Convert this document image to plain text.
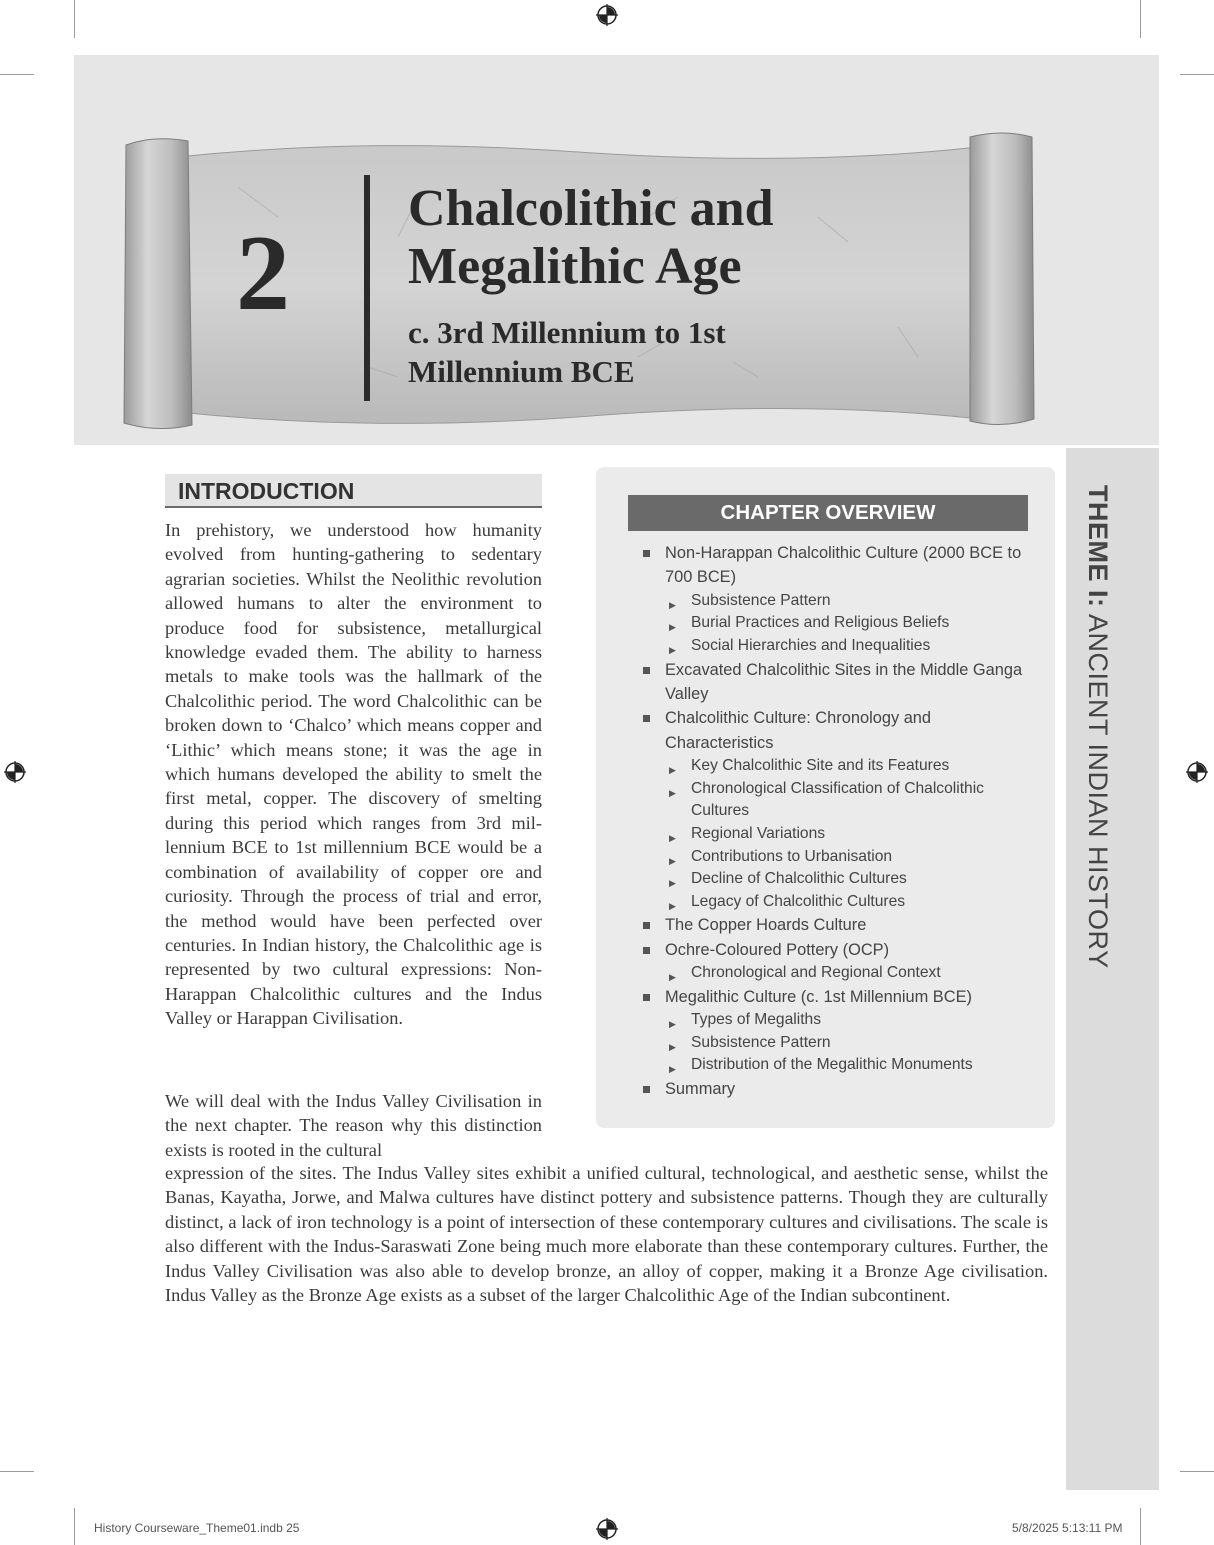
2
Chalcolithic and
Megalithic Age
c. 3rd Millennium to 1st
Millennium BCE
THEME I: ANCIENT INDIAN HISTORY
INTRODUCTION

In prehistory, we understood how humanity evolved from hunting-gathering to sedentary agrarian societies. Whilst the Neolithic revolution allowed humans to alter the environment to produce food for subsistence, metallurgical knowledge evaded them. The ability to harness metals to make tools was the hallmark of the Chalcolithic period. The word Chalcolithic can be broken down to ‘Chalco’ which means copper and ‘Lithic’ which means stone; it was the age in which humans developed the ability to smelt the first metal, copper. The discovery of smelting during this period which ranges from 3rd millennium BCE to 1st millennium BCE would be a combination of availability of copper ore and curiosity. Through the process of trial and error, the method would have been perfected over centuries. In Indian history, the Chalcolithic age is represented by two cultural expressions: Non-Harappan Chalcolithic cultures and the Indus Valley or Harappan Civilisation.

We will deal with the Indus Valley Civilisation in the next chapter. The reason why this distinction exists is rooted in the cultural

expression of the sites. The Indus Valley sites exhibit a unified cultural, technological, and aesthetic sense, whilst the Banas, Kayatha, Jorwe, and Malwa cultures have distinct pottery and subsistence patterns. Though they are culturally distinct, a lack of iron technology is a point of intersection of these contemporary cultures and civilisations. The scale is also different with the Indus-Saraswati Zone being much more elaborate than these contemporary cultures. Further, the Indus Valley Civilisation was also able to develop bronze, an alloy of copper, making it a Bronze Age civilisation. Indus Valley as the Bronze Age exists as a subset of the larger Chalcolithic Age of the Indian subcontinent.

CHAPTER OVERVIEW
Non-Harappan Chalcolithic Culture (2000 BCE to 700 BCE)
▶ Subsistence Pattern
▶ Burial Practices and Religious Beliefs
▶ Social Hierarchies and Inequalities
Excavated Chalcolithic Sites in the Middle Ganga Valley
Chalcolithic Culture: Chronology and Characteristics
▶ Key Chalcolithic Site and its Features
▶ Chronological Classification of Chalcolithic Cultures
▶ Regional Variations
▶ Contributions to Urbanisation
▶ Decline of Chalcolithic Cultures
▶ Legacy of Chalcolithic Cultures
The Copper Hoards Culture
Ochre-Coloured Pottery (OCP)
▶ Chronological and Regional Context
Megalithic Culture (c. 1st Millennium BCE)
▶ Types of Megaliths
▶ Subsistence Pattern
▶ Distribution of the Megalithic Monuments
Summary
History Courseware_Theme01.indb 25	5/8/2025 5:13:11 PM
